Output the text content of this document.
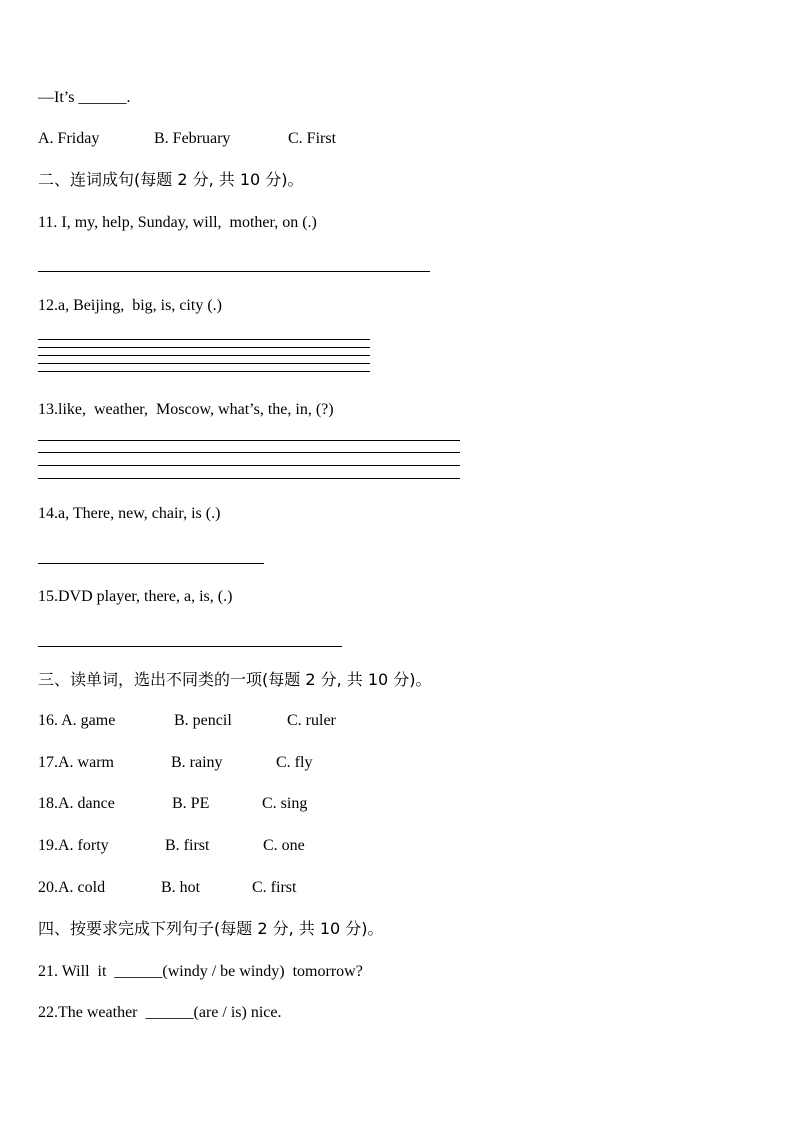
—It’s ______.
A. Friday	B. February	C. First
二、连词成句(每题 2 分, 共 10 分)。
11. I, my, help, Sunday, will,  mother, on (.)
12.a, Beijing,  big, is, city (.)
13.like,  weather,  Moscow, what’s, the, in, (?)
14.a, There, new, chair, is (.)
15.DVD player, there, a, is, (.)
三、读单词，选出不同类的一项(每题 2 分, 共 10 分)。
16. A. game	B. pencil	C. ruler
17.A. warm	B. rainy	C. fly
18.A. dance	B. PE	C. sing
19.A. forty	B. first	C. one
20.A. cold	B. hot	C. first
四、按要求完成下列句子(每题 2 分, 共 10 分)。
21. Will  it  ______(windy / be windy)  tomorrow?
22.The weather  ______(are / is) nice.
